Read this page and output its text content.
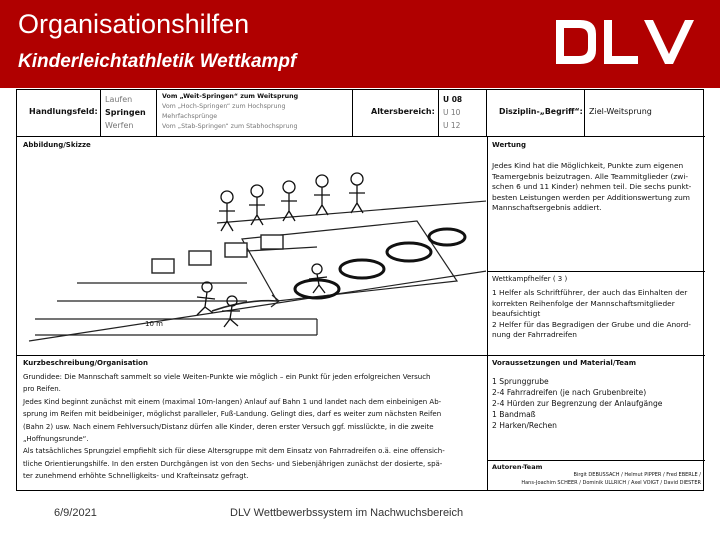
Organisationshilfen
Kinderleichtathletik Wettkampf
Handlungsfeld:
Laufen
Springen
Werfen
Vom „Weit-Springen“ zum Weitsprung
Vom „Hoch-Springen“ zum Hochsprung
Mehrfachsprünge
Vom „Stab-Springen“ zum Stabhochsprung
Altersbereich:
U 08
U 10
U 12
Disziplin-„Begriff“: Ziel-Weitsprung
Abbildung/Skizze
10 m
Wertung
Jedes Kind hat die Möglichkeit, Punkte zum eigenen
Teamergebnis beizutragen. Alle Teammitglieder (zwi-
schen 6 und 11 Kinder) nehmen teil. Die sechs punkt-
besten Leistungen werden per Additionswertung zum
Mannschaftsergebnis addiert.
Wettkampfhelfer ( 3 )
1 Helfer als Schriftführer, der auch das Einhalten der
korrekten Reihenfolge der Mannschaftsmitglieder
beaufsichtigt
2 Helfer für das Begradigen der Grube und die Anord-
nung der Fahrradreifen
Kurzbeschreibung/Organisation
Grundidee: Die Mannschaft sammelt so viele Weiten-Punkte wie möglich – ein Punkt für jeden erfolgreichen Versuch
pro Reifen.
Jedes Kind beginnt zunächst mit einem (maximal 10m-langen) Anlauf auf Bahn 1 und landet nach dem einbeinigen Ab-
sprung im Reifen mit beidbeiniger, möglichst paralleler, Fuß-Landung. Gelingt dies, darf es weiter zum nächsten Reifen
(Bahn 2) usw. Nach einem Fehlversuch/Distanz dürfen alle Kinder, deren erster Versuch ggf. misslückte, in die zweite
„Hoffnungsrunde“.
Als tatsächliches Sprungziel empfiehlt sich für diese Altersgruppe mit dem Einsatz von Fahrradreifen o.ä. eine offensich-
tliche Orientierungshilfe. In den ersten Durchgängen ist von den Sechs- und Siebenjährigen zunächst der dosierte, spä-
ter zunehmend erhöhte Schnelligkeits- und Krafteinsatz gefragt.
Voraussetzungen und Material/Team
1 Sprunggrube
2-4 Fahrradreifen (je nach Grubenbreite)
2-4 Hürden zur Begrenzung der Anlaufgänge
1 Bandmaß
2 Harken/Rechen
Autoren-Team
Birgit DEBUSSACH / Helmut PIPPER / Fred EBERLE /
Hans-Joachim SCHEER / Dominik ULLRICH / Axel VOIGT / David DIESTER
6/9/2021	DLV Wettbewerbssystem im Nachwuchsbereich
